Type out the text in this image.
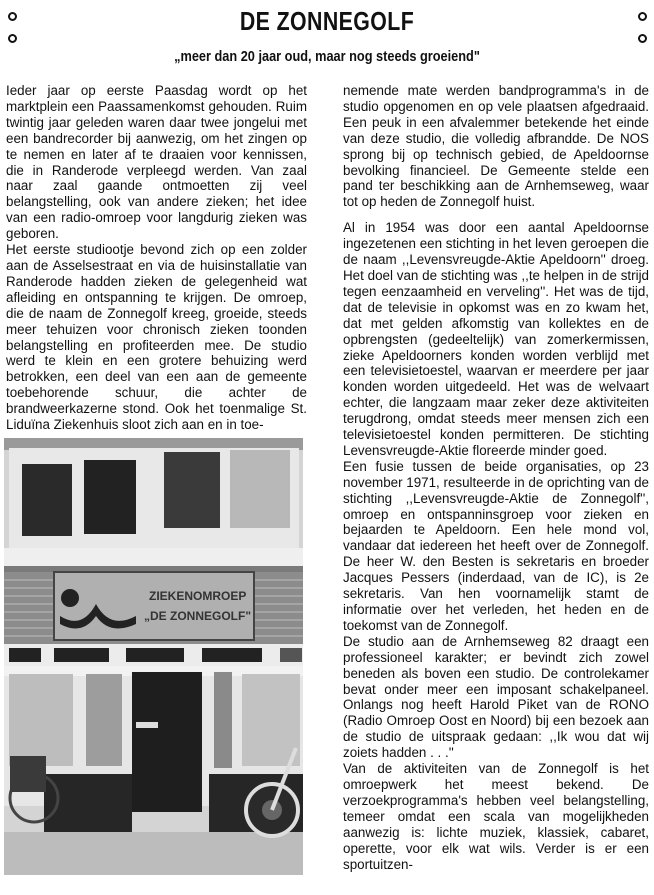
DE ZONNEGOLF
„meer dan 20 jaar oud, maar nog steeds groeiend"

Ieder jaar op eerste Paasdag wordt op het marktplein een Paassamenkomst gehouden. Ruim twintig jaar geleden waren daar twee jongelui met een bandrecorder bij aanwezig, om het zingen op te nemen en later af te draaien voor kennissen, die in Randerode verpleegd werden. Van zaal naar zaal gaande ontmoetten zij veel belangstelling, ook van andere zieken; het idee van een radio-omroep voor langdurig zieken was geboren.

Het eerste studiootje bevond zich op een zolder aan de Asselsestraat en via de huisinstallatie van Randerode hadden zieken de gelegenheid wat afleiding en ontspanning te krijgen. De omroep, die de naam de Zonnegolf kreeg, groeide, steeds meer tehuizen voor chronisch zieken toonden belangstelling en profiteerden mee. De studio werd te klein en een grotere behuizing werd betrokken, een deel van een aan de gemeente toebehorende schuur, die achter de brandweerkazerne stond. Ook het toenmalige St. Liduïna Ziekenhuis sloot zich aan en in toe-

ZIEKENOMROEP
„DE ZONNEGOLF"

nemende mate werden bandprogramma's in de studio opgenomen en op vele plaatsen afgedraaid. Een peuk in een afvalemmer betekende het einde van deze studio, die volledig afbrandde. De NOS sprong bij op technisch gebied, de Apeldoornse bevolking financieel. De Gemeente stelde een pand ter beschikking aan de Arnhemseweg, waar tot op heden de Zonnegolf huist.

Al in 1954 was door een aantal Apeldoornse ingezetenen een stichting in het leven geroepen die de naam ,,Levensvreugde-Aktie Apeldoorn'' droeg. Het doel van de stichting was ,,te helpen in de strijd tegen eenzaamheid en verveling''. Het was de tijd, dat de televisie in opkomst was en zo kwam het, dat met gelden afkomstig van kollektes en de opbrengsten (gedeeltelijk) van zomerkermissen, zieke Apeldoorners konden worden verblijd met een televisietoestel, waarvan er meerdere per jaar konden worden uitgedeeld. Het was de welvaart echter, die langzaam maar zeker deze aktiviteiten terugdrong, omdat steeds meer mensen zich een televisietoestel konden permitteren. De stichting Levensvreugde-Aktie floreerde minder goed.

Een fusie tussen de beide organisaties, op 23 november 1971, resulteerde in de oprichting van de stichting ,,Levensvreugde-Aktie de Zonnegolf'', omroep en ontspanninsgroep voor zieken en bejaarden te Apeldoorn. Een hele mond vol, vandaar dat iedereen het heeft over de Zonnegolf. De heer W. den Besten is sekretaris en broeder Jacques Pessers (inderdaad, van de IC), is 2e sekretaris. Van hen voornamelijk stamt de informatie over het verleden, het heden en de toekomst van de Zonnegolf.

De studio aan de Arnhemseweg 82 draagt een professioneel karakter; er bevindt zich zowel beneden als boven een studio. De controlekamer bevat onder meer een imposant schakelpaneel. Onlangs nog heeft Harold Piket van de RONO (Radio Omroep Oost en Noord) bij een bezoek aan de studio de uitspraak gedaan: ,,Ik wou dat wij zoiets hadden . . .''

Van de aktiviteiten van de Zonnegolf is het omroepwerk het meest bekend. De verzoekprogramma's hebben veel belangstelling, temeer omdat een scala van mogelijkheden aanwezig is: lichte muziek, klassiek, cabaret, operette, voor elk wat wils. Verder is er een sportuitzen-
